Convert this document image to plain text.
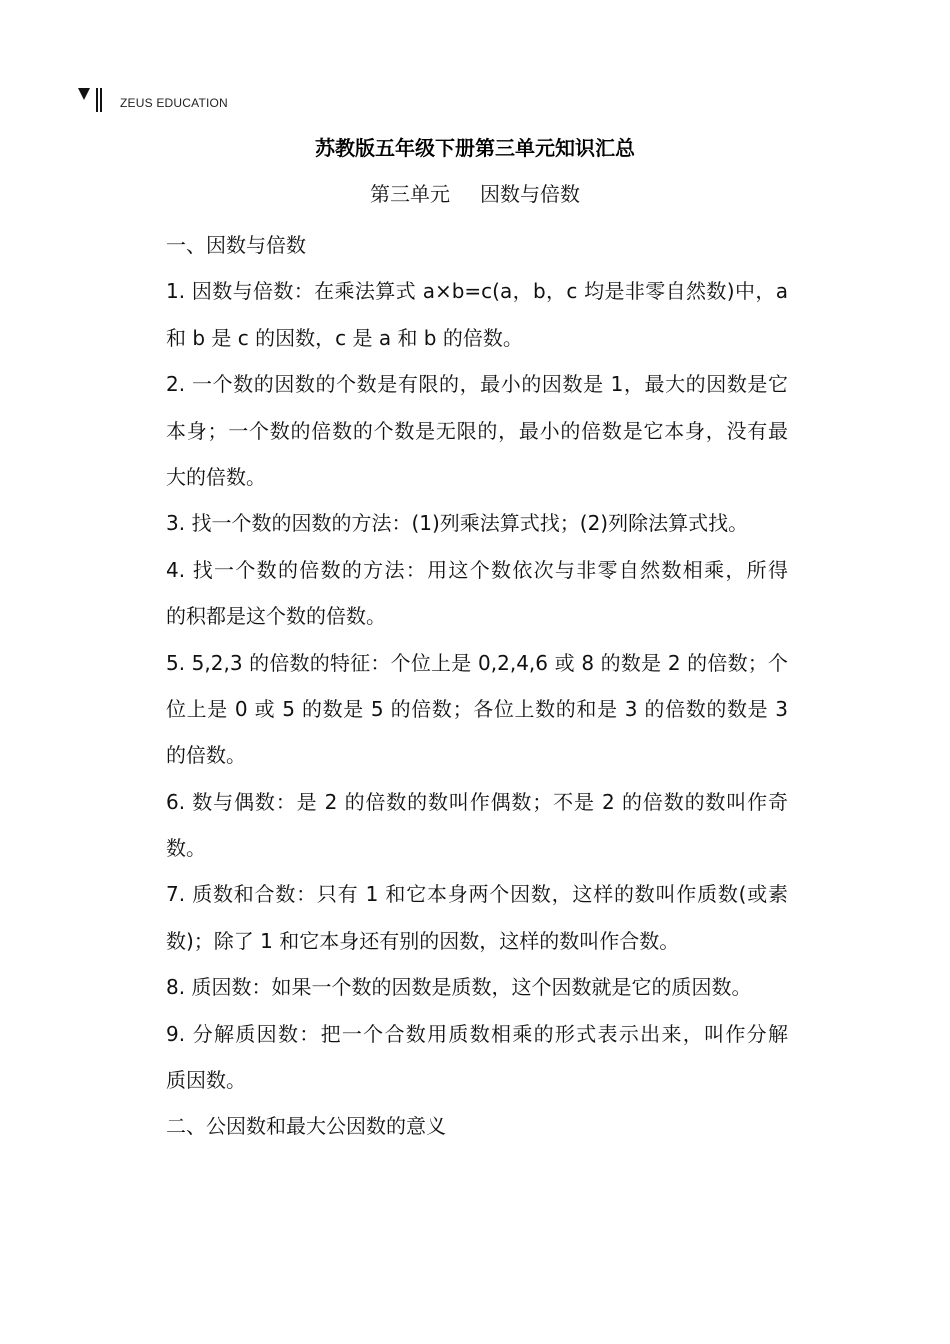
ZEUS EDUCATION
苏教版五年级下册第三单元知识汇总
第三单元 因数与倍数
一、因数与倍数
1. 因数与倍数：在乘法算式 a×b=c(a，b，c 均是非零自然数)中，a
和 b 是 c 的因数，c 是 a 和 b 的倍数。
2. 一个数的因数的个数是有限的，最小的因数是 1，最大的因数是它
本身；一个数的倍数的个数是无限的，最小的倍数是它本身，没有最
大的倍数。
3. 找一个数的因数的方法：(1)列乘法算式找；(2)列除法算式找。
4. 找一个数的倍数的方法：用这个数依次与非零自然数相乘，所得
的积都是这个数的倍数。
5. 5,2,3 的倍数的特征：个位上是 0,2,4,6 或 8 的数是 2 的倍数；个
位上是 0 或 5 的数是 5 的倍数；各位上数的和是 3 的倍数的数是 3
的倍数。
6. 数与偶数：是 2 的倍数的数叫作偶数；不是 2 的倍数的数叫作奇
数。
7. 质数和合数：只有 1 和它本身两个因数，这样的数叫作质数(或素
数)；除了 1 和它本身还有别的因数，这样的数叫作合数。
8. 质因数：如果一个数的因数是质数，这个因数就是它的质因数。
9. 分解质因数：把一个合数用质数相乘的形式表示出来，叫作分解
质因数。
二、公因数和最大公因数的意义
